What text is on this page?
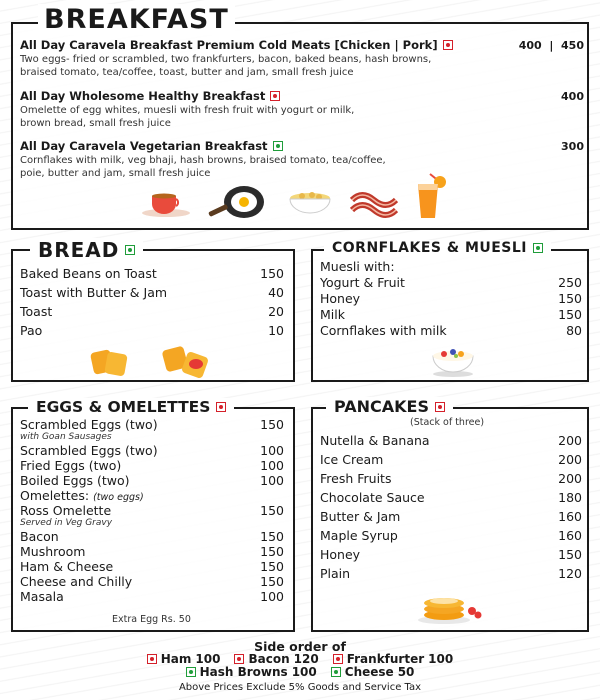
BREAKFAST
All Day Caravela Breakfast Premium Cold Meats [Chicken | Pork]	400  |  450
Two eggs- fried or scrambled, two frankfurters, bacon, baked beans, hash browns,
braised tomato, tea/coffee, toast, butter and jam, small fresh juice
All Day Wholesome Healthy Breakfast	400
Omelette of egg whites, muesli with fresh fruit with yogurt or milk,
brown bread, small fresh juice
All Day Caravela Vegetarian Breakfast	300
Cornflakes with milk, veg bhaji, hash browns, braised tomato, tea/coffee,
poie, butter and jam, small fresh juice
BREAD
Baked Beans on Toast	150
Toast with Butter & Jam	40
Toast	20
Pao	10
CORNFLAKES & MUESLI
Muesli with:
Yogurt & Fruit	250
Honey	150
Milk	150
Cornflakes with milk	80
EGGS & OMELETTES
Scrambled Eggs (two)	150
with Goan Sausages
Scrambled Eggs (two)	100
Fried Eggs (two)	100
Boiled Eggs (two)	100
Omelettes: (two eggs)
Ross Omelette	150
Served in Veg Gravy
Bacon	150
Mushroom	150
Ham & Cheese	150
Cheese and Chilly	150
Masala	100
Extra Egg Rs. 50
PANCAKES
(Stack of three)
Nutella & Banana	200
Ice Cream	200
Fresh Fruits	200
Chocolate Sauce	180
Butter & Jam	160
Maple Syrup	160
Honey	150
Plain	120
Side order of
Ham 100 Bacon 120 Frankfurter 100
Hash Browns 100 Cheese 50
Above Prices Exclude 5% Goods and Service Tax
